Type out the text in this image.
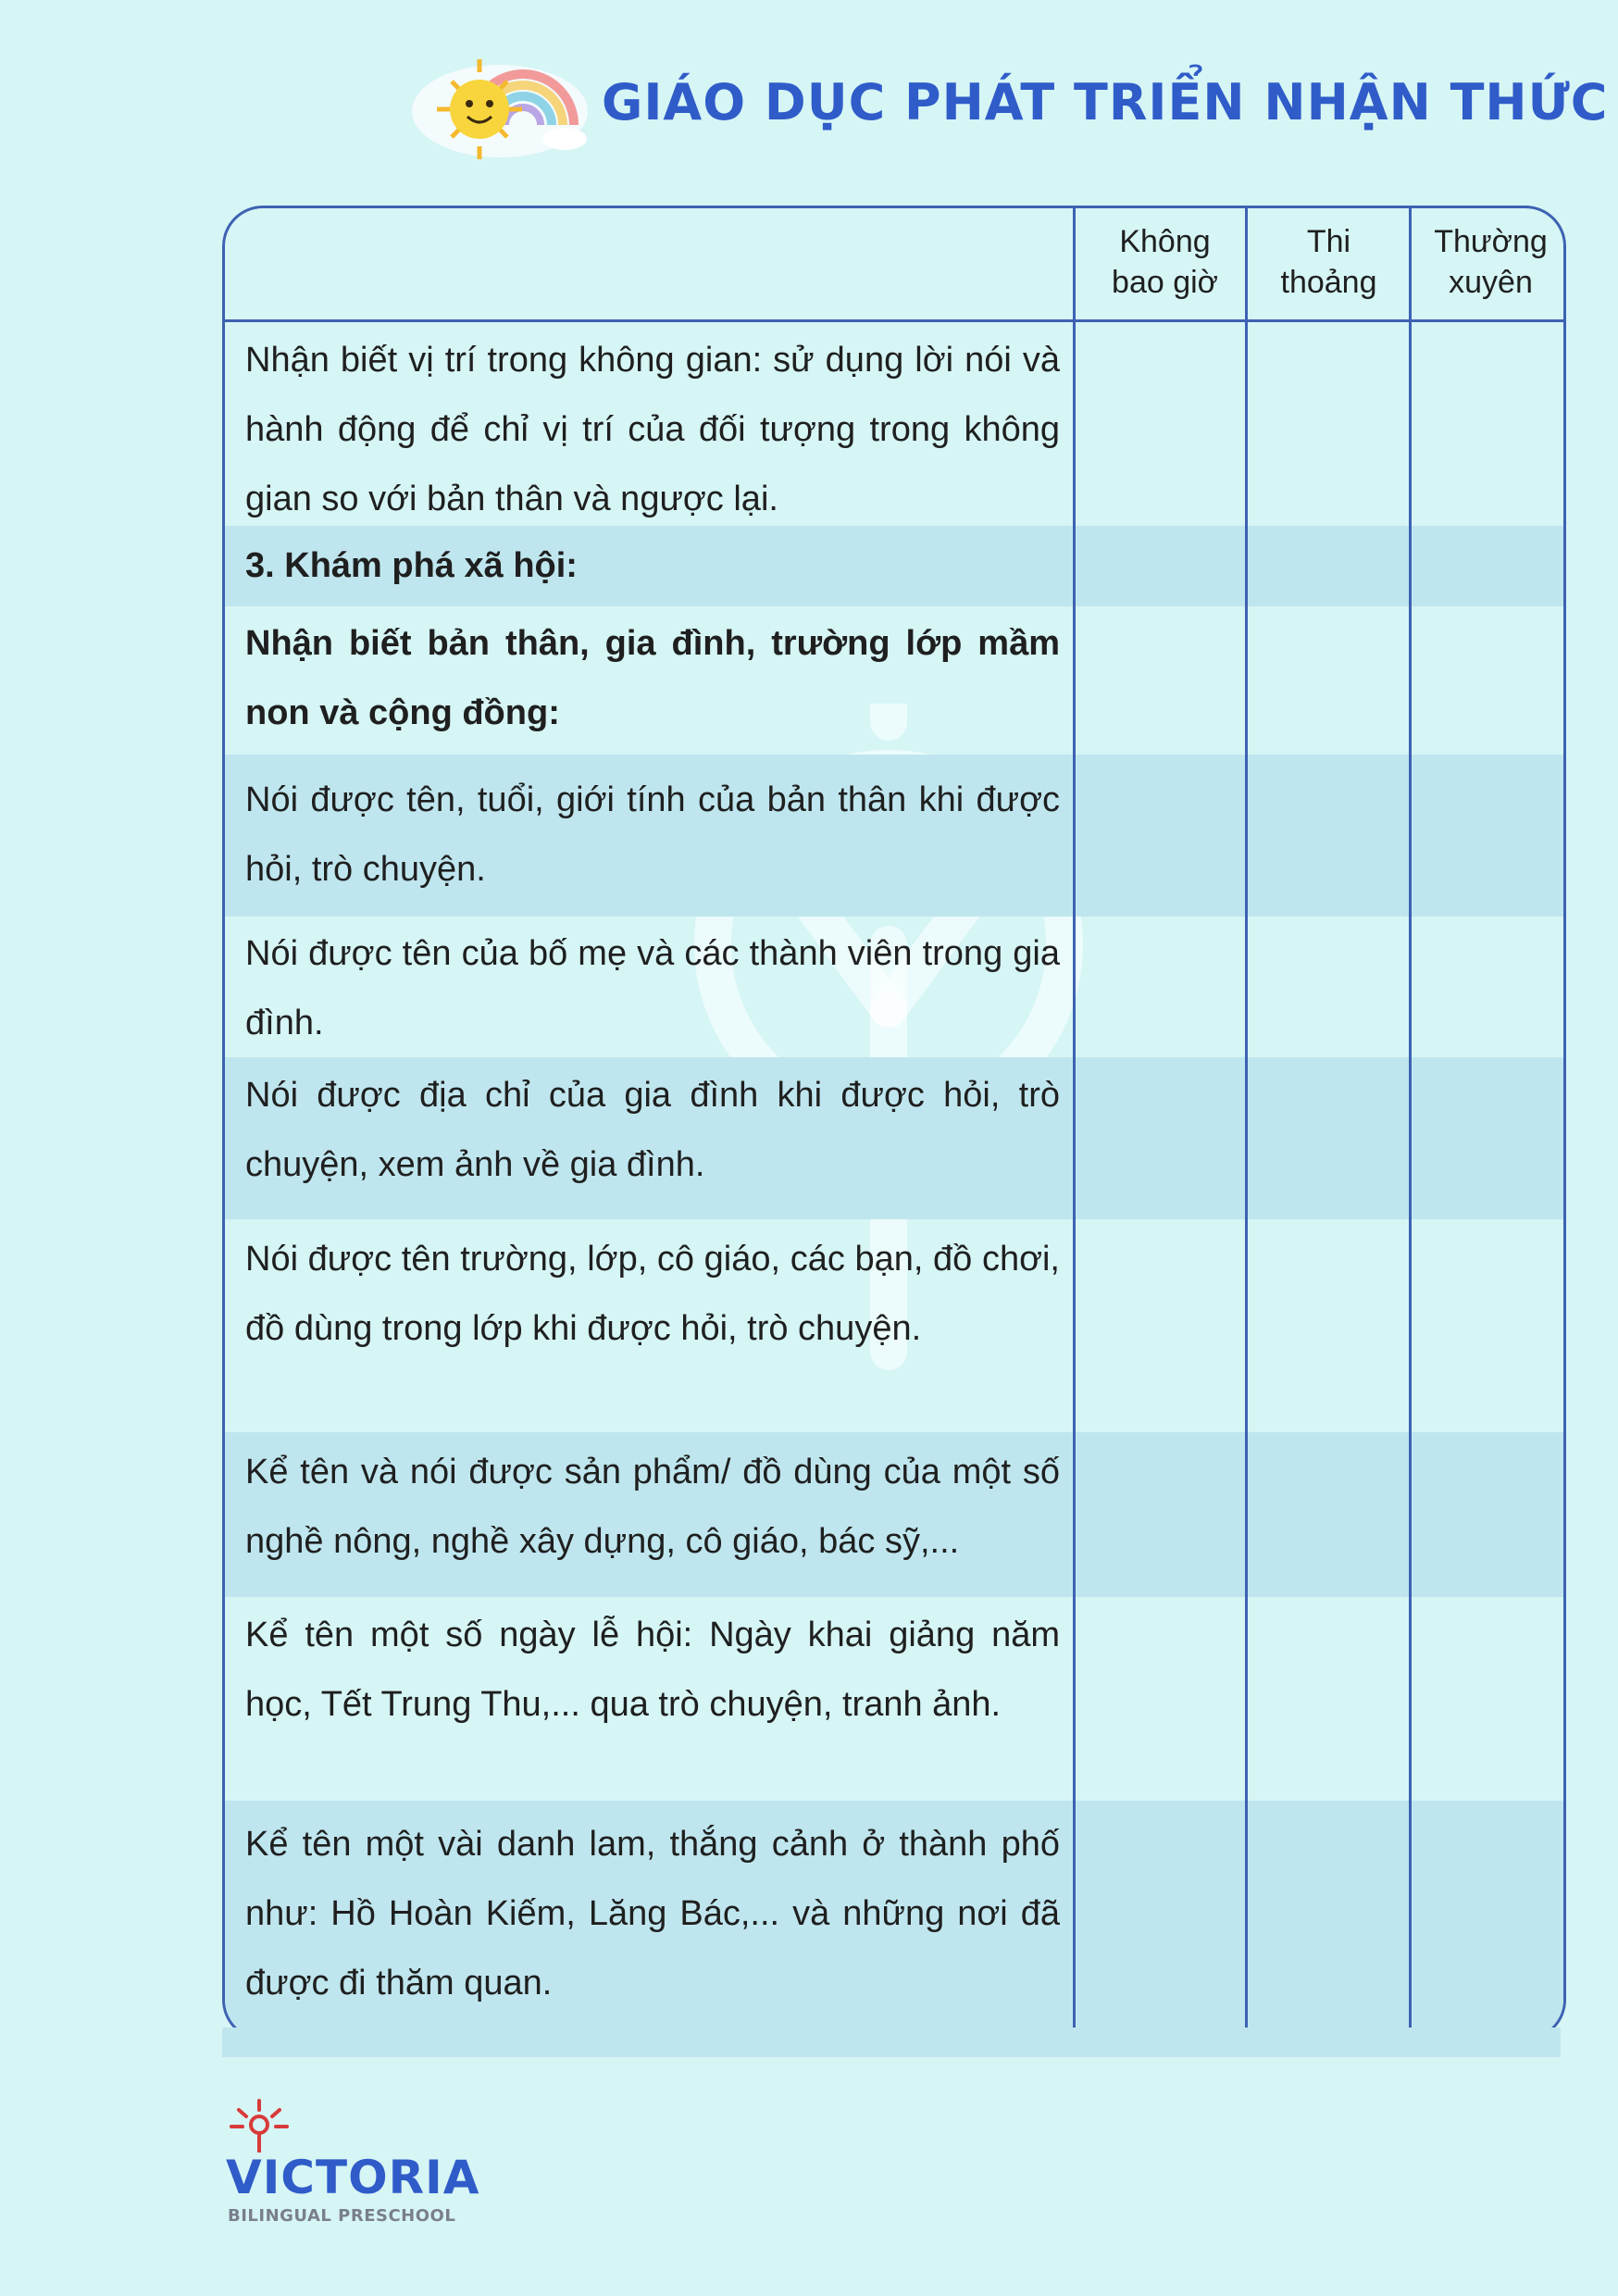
GIÁO DỤC PHÁT TRIỂN NHẬN THỨC
Không
bao giờ
Thi
thoảng
Thường
xuyên
Nhận biết vị trí trong không gian: sử dụng lời nói và hành động để chỉ vị trí của đối tượng trong không gian so với bản thân và ngược lại.
3. Khám phá xã hội:
Nhận biết bản thân, gia đình, trường lớp mầm non và cộng đồng:
Nói được tên, tuổi, giới tính của bản thân khi được hỏi, trò chuyện.
Nói được tên của bố mẹ và các thành viên trong gia đình.
Nói được địa chỉ của gia đình khi được hỏi, trò chuyện, xem ảnh về gia đình.
Nói được tên trường, lớp, cô giáo, các bạn, đồ chơi, đồ dùng trong lớp khi được hỏi, trò chuyện.
Kể tên và nói được sản phẩm/ đồ dùng của một số nghề nông, nghề xây dựng, cô giáo, bác sỹ,...
Kể tên một số ngày lễ hội: Ngày khai giảng năm học, Tết Trung Thu,... qua trò chuyện, tranh ảnh.
Kể tên một vài danh lam, thắng cảnh ở thành phố như: Hồ Hoàn Kiếm, Lăng Bác,... và những nơi đã được đi thăm quan.
VICTORIA
BILINGUAL PRESCHOOL
